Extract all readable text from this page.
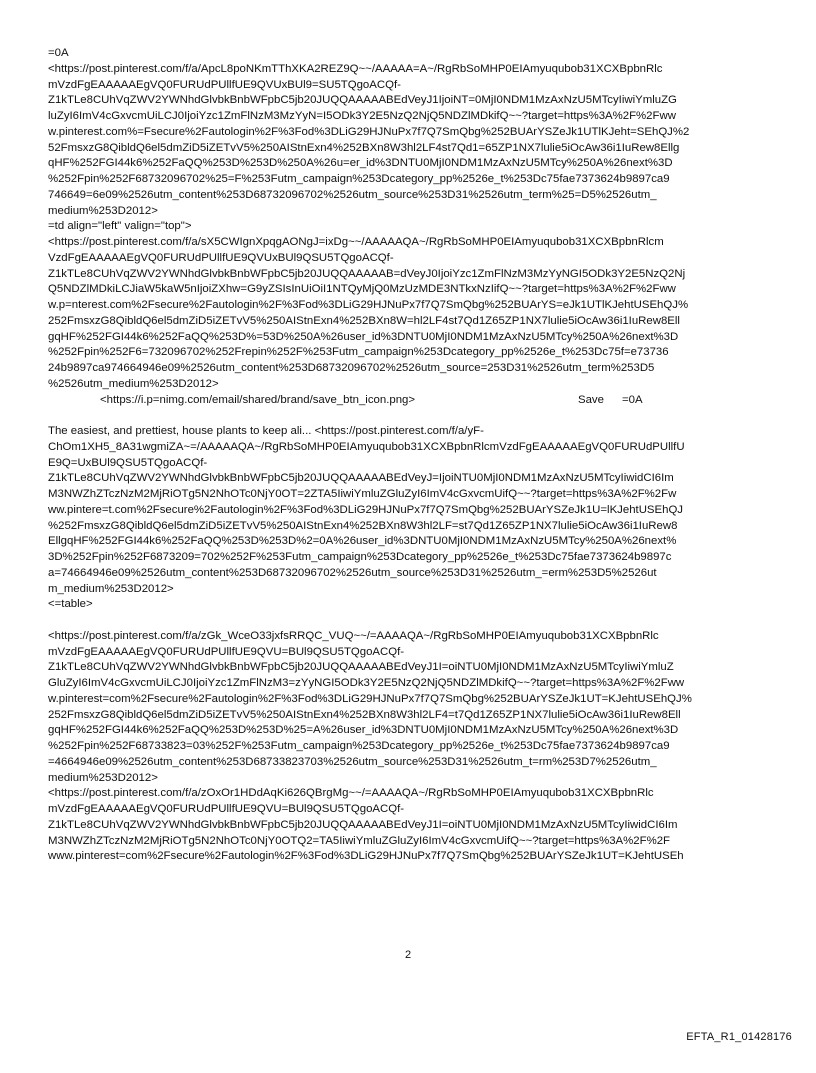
=0A
<https://post.pinterest.com/f/a/ApcL8poNKmTThXKA2REZ9Q~~/AAAAA=A~/RgRbSoMHP0EIAmyuqubob31XCXBpbnRlc
mVzdFgEAAAAAEgVQ0FURUdPUllfUE9QVUxBUl9=SU5TQgoACQf-
Z1kTLe8CUhVqZWV2YWNhdGlvbkBnbWFpbC5jb20JUQQAAAAABEdVeyJ1IjoiNT=0MjI0NDM1MzAxNzU5MTcyIiwiYmluZG
luZyI6ImV4cGxvcmUiLCJ0IjoiYzc1ZmFlNzM3MzYyN=I5ODk3Y2E5NzQ2NjQ5NDZlMDkifQ~~?target=https%3A%2F%2Fww
w.pinterest.com%=Fsecure%2Fautologin%2F%3Fod%3DLiG29HJNuPx7f7Q7SmQbg%252BUArYSZeJk1UTlKJeht=SEhQJ%2
52FmsxzG8QibldQ6el5dmZiD5iZETvV5%250AIStnExn4%252BXn8W3hl2LF4st7Qd1=65ZP1NX7lulie5iOcAw36i1IuRew8Ellg
qHF%252FGI44k6%252FaQQ%253D%253D%250A%26u=er_id%3DNTU0MjI0NDM1MzAxNzU5MTcy%250A%26next%3D
%252Fpin%252F68732096702%25=F%253Futm_campaign%253Dcategory_pp%2526e_t%253Dc75fae7373624b9897ca9
746649=6e09%2526utm_content%253D68732096702%2526utm_source%253D31%2526utm_term%25=D5%2526utm_
medium%253D2012>
=td align="left" valign="top">
<https://post.pinterest.com/f/a/sX5CWIgnXpqgAONgJ=ixDg~~/AAAAAQA~/RgRbSoMHP0EIAmyuqubob31XCXBpbnRlcm
VzdFgEAAAAAEgVQ0FURUdPUllfUE9QVUxBUl9QSU5TQgoACQf-
Z1kTLe8CUhVqZWV2YWNhdGlvbkBnbWFpbC5jb20JUQQAAAAAB=dVeyJ0IjoiYzc1ZmFlNzM3MzYyNGI5ODk3Y2E5NzQ2Nj
Q5NDZlMDkiLCJiaW5kaW5nIjoiZXhw=G9yZSIsInUiOiI1NTQyMjQ0MzUzMDE3NTkxNzIifQ~~?target=https%3A%2F%2Fww
w.p=nterest.com%2Fsecure%2Fautologin%2F%3Fod%3DLiG29HJNuPx7f7Q7SmQbg%252BUArYS=eJk1UTlKJehtUSEhQJ%
252FmsxzG8QibldQ6el5dmZiD5iZETvV5%250AIStnExn4%252BXn8W=hl2LF4st7Qd1Z65ZP1NX7lulie5iOcAw36i1IuRew8Ell
gqHF%252FGI44k6%252FaQQ%253D%=53D%250A%26user_id%3DNTU0MjI0NDM1MzAxNzU5MTcy%250A%26next%3D
%252Fpin%252F6=732096702%252Frepin%252F%253Futm_campaign%253Dcategory_pp%2526e_t%253Dc75f=e73736
24b9897ca974664946e09%2526utm_content%253D68732096702%2526utm_source=253D31%2526utm_term%253D5
%2526utm_medium%253D2012>
<https://i.p=nimg.com/email/shared/brand/save_btn_icon.png>	Save =0A
The easiest, and prettiest, house plants to keep ali... <https://post.pinterest.com/f/a/yF-
ChOm1XH5_8A31wgmiZA~=/AAAAAQA~/RgRbSoMHP0EIAmyuqubob31XCXBpbnRlcmVzdFgEAAAAAEgVQ0FURUdPUllfU
E9Q=UxBUl9QSU5TQgoACQf-
Z1kTLe8CUhVqZWV2YWNhdGlvbkBnbWFpbC5jb20JUQQAAAAABEdVeyJ=IjoiNTU0MjI0NDM1MzAxNzU5MTcyIiwidCI6Im
M3NWZhZTczNzM2MjRiOTg5N2NhOTc0NjY0OT=2ZTA5IiwiYmluZGluZyI6ImV4cGxvcmUifQ~~?target=https%3A%2F%2Fw
ww.pintere=t.com%2Fsecure%2Fautologin%2F%3Fod%3DLiG29HJNuPx7f7Q7SmQbg%252BUArYSZeJk1U=lKJehtUSEhQJ
%252FmsxzG8QibldQ6el5dmZiD5iZETvV5%250AIStnExn4%252BXn8W3hl2LF=st7Qd1Z65ZP1NX7lulie5iOcAw36i1IuRew8
EllgqHF%252FGI44k6%252FaQQ%253D%253D%2=0A%26user_id%3DNTU0MjI0NDM1MzAxNzU5MTcy%250A%26next%
3D%252Fpin%252F6873209=702%252F%253Futm_campaign%253Dcategory_pp%2526e_t%253Dc75fae7373624b9897c
a=74664946e09%2526utm_content%253D68732096702%2526utm_source%253D31%2526utm_=erm%253D5%2526ut
m_medium%253D2012>
<=table>
<https://post.pinterest.com/f/a/zGk_WceO33jxfsRRQC_VUQ~~/=AAAAQA~/RgRbSoMHP0EIAmyuqubob31XCXBpbnRlc
mVzdFgEAAAAAEgVQ0FURUdPUllfUE9QVU=BUl9QSU5TQgoACQf-
Z1kTLe8CUhVqZWV2YWNhdGlvbkBnbWFpbC5jb20JUQQAAAAABEdVeyJ1I=oiNTU0MjI0NDM1MzAxNzU5MTcyIiwiYmluZ
GluZyI6ImV4cGxvcmUiLCJ0IjoiYzc1ZmFlNzM3=zYyNGI5ODk3Y2E5NzQ2NjQ5NDZlMDkifQ~~?target=https%3A%2F%2Fww
w.pinterest=com%2Fsecure%2Fautologin%2F%3Fod%3DLiG29HJNuPx7f7Q7SmQbg%252BUArYSZeJk1UT=KJehtUSEhQJ%
252FmsxzG8QibldQ6el5dmZiD5iZETvV5%250AIStnExn4%252BXn8W3hl2LF4=t7Qd1Z65ZP1NX7lulie5iOcAw36i1IuRew8Ell
gqHF%252FGI44k6%252FaQQ%253D%253D%25=A%26user_id%3DNTU0MjI0NDM1MzAxNzU5MTcy%250A%26next%3D
%252Fpin%252F68733823=03%252F%253Futm_campaign%253Dcategory_pp%2526e_t%253Dc75fae7373624b9897ca9
=4664946e09%2526utm_content%253D68733823703%2526utm_source%253D31%2526utm_t=rm%253D7%2526utm_
medium%253D2012>
<https://post.pinterest.com/f/a/zOxOr1HDdAqKi626QBrgMg~~/=AAAAQA~/RgRbSoMHP0EIAmyuqubob31XCXBpbnRlc
mVzdFgEAAAAAEgVQ0FURUdPUllfUE9QVU=BUl9QSU5TQgoACQf-
Z1kTLe8CUhVqZWV2YWNhdGlvbkBnbWFpbC5jb20JUQQAAAAABEdVeyJ1I=oiNTU0MjI0NDM1MzAxNzU5MTcyIiwidCI6Im
M3NWZhZTczNzM2MjRiOTg5N2NhOTc0NjY0OTQ2=TA5IiwiYmluZGluZyI6ImV4cGxvcmUifQ~~?target=https%3A%2F%2F
www.pinterest=com%2Fsecure%2Fautologin%2F%3Fod%3DLiG29HJNuPx7f7Q7SmQbg%252BUArYSZeJk1UT=KJehtUSEh
2
EFTA_R1_01428176
